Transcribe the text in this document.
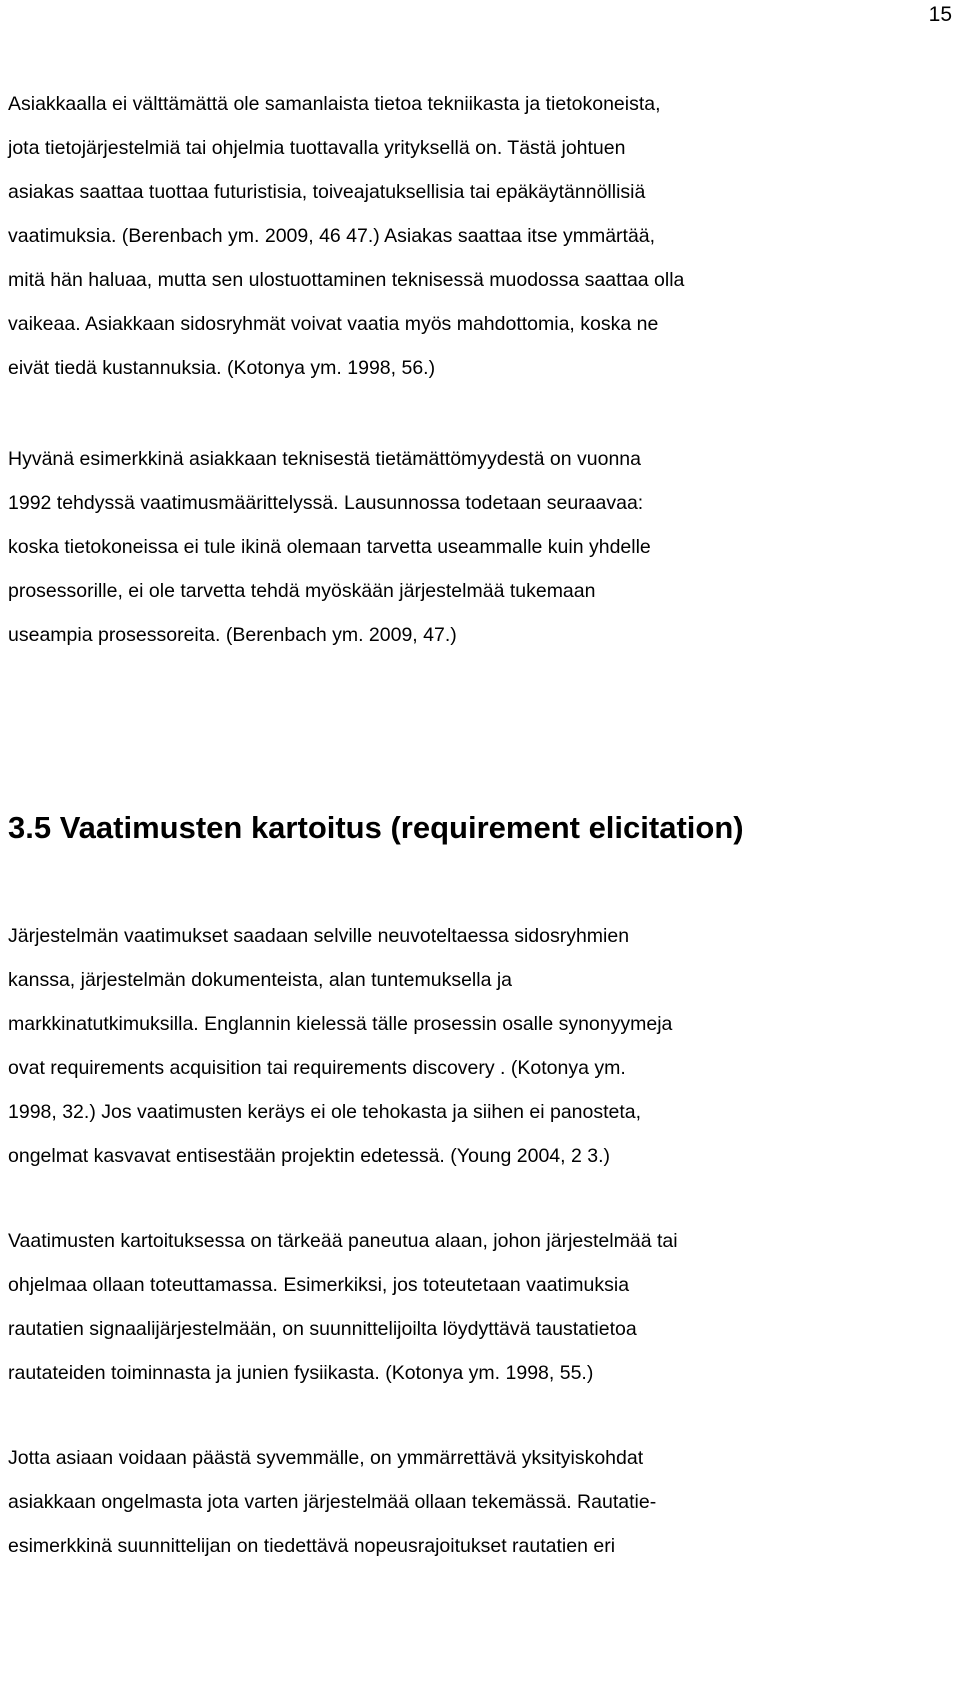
15
Asiakkaalla ei välttämättä ole samanlaista tietoa tekniikasta ja tietokoneista,
jota tietojärjestelmiä tai ohjelmia tuottavalla yrityksellä on. Tästä johtuen
asiakas saattaa tuottaa futuristisia, toiveajatuksellisia tai epäkäytännöllisiä
vaatimuksia. (Berenbach ym. 2009, 46 47.) Asiakas saattaa itse ymmärtää,
mitä hän haluaa, mutta sen ulostuottaminen teknisessä muodossa saattaa olla
vaikeaa. Asiakkaan sidosryhmät voivat vaatia myös mahdottomia, koska ne
eivät tiedä kustannuksia. (Kotonya ym. 1998, 56.)
Hyvänä esimerkkinä asiakkaan teknisestä tietämättömyydestä on vuonna
1992 tehdyssä vaatimusmäärittelyssä. Lausunnossa todetaan seuraavaa:
koska tietokoneissa ei tule ikinä olemaan tarvetta useammalle kuin yhdelle
prosessorille, ei ole tarvetta tehdä myöskään järjestelmää tukemaan
useampia prosessoreita. (Berenbach ym. 2009, 47.)
3.5 Vaatimusten kartoitus (requirement elicitation)
Järjestelmän vaatimukset saadaan selville neuvoteltaessa sidosryhmien
kanssa, järjestelmän dokumenteista, alan tuntemuksella ja
markkinatutkimuksilla. Englannin kielessä tälle prosessin osalle synonyymeja
ovat requirements acquisition tai requirements discovery . (Kotonya ym.
1998, 32.) Jos vaatimusten keräys ei ole tehokasta ja siihen ei panosteta,
ongelmat kasvavat entisestään projektin edetessä. (Young 2004, 2 3.)
Vaatimusten kartoituksessa on tärkeää paneutua alaan, johon järjestelmää tai
ohjelmaa ollaan toteuttamassa. Esimerkiksi, jos toteutetaan vaatimuksia
rautatien signaalijärjestelmään, on suunnittelijoilta löydyttävä taustatietoa
rautateiden toiminnasta ja junien fysiikasta. (Kotonya ym. 1998, 55.)
Jotta asiaan voidaan päästä syvemmälle, on ymmärrettävä yksityiskohdat
asiakkaan ongelmasta jota varten järjestelmää ollaan tekemässä. Rautatie-
esimerkkinä suunnittelijan on tiedettävä nopeusrajoitukset rautatien eri
